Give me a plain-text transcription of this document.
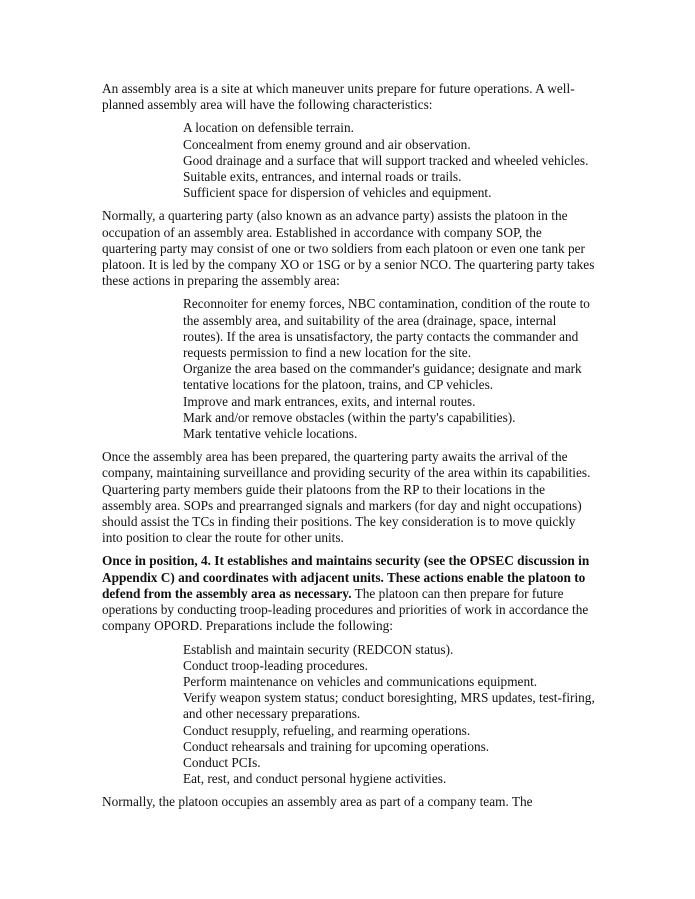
An assembly area is a site at which maneuver units prepare for future operations. A well-planned assembly area will have the following characteristics:

A location on defensible terrain.
Concealment from enemy ground and air observation.
Good drainage and a surface that will support tracked and wheeled vehicles.
Suitable exits, entrances, and internal roads or trails.
Sufficient space for dispersion of vehicles and equipment.

Normally, a quartering party (also known as an advance party) assists the platoon in the occupation of an assembly area. Established in accordance with company SOP, the quartering party may consist of one or two soldiers from each platoon or even one tank per platoon. It is led by the company XO or 1SG or by a senior NCO. The quartering party takes these actions in preparing the assembly area:

Reconnoiter for enemy forces, NBC contamination, condition of the route to the assembly area, and suitability of the area (drainage, space, internal routes). If the area is unsatisfactory, the party contacts the commander and requests permission to find a new location for the site.
Organize the area based on the commander's guidance; designate and mark tentative locations for the platoon, trains, and CP vehicles.
Improve and mark entrances, exits, and internal routes.
Mark and/or remove obstacles (within the party's capabilities).
Mark tentative vehicle locations.

Once the assembly area has been prepared, the quartering party awaits the arrival of the company, maintaining surveillance and providing security of the area within its capabilities. Quartering party members guide their platoons from the RP to their locations in the assembly area. SOPs and prearranged signals and markers (for day and night occupations) should assist the TCs in finding their positions. The key consideration is to move quickly into position to clear the route for other units.

Once in position, 4. It establishes and maintains security (see the OPSEC discussion in Appendix C) and coordinates with adjacent units. These actions enable the platoon to defend from the assembly area as necessary. The platoon can then prepare for future operations by conducting troop-leading procedures and priorities of work in accordance the company OPORD. Preparations include the following:

Establish and maintain security (REDCON status).
Conduct troop-leading procedures.
Perform maintenance on vehicles and communications equipment.
Verify weapon system status; conduct boresighting, MRS updates, test-firing, and other necessary preparations.
Conduct resupply, refueling, and rearming operations.
Conduct rehearsals and training for upcoming operations.
Conduct PCIs.
Eat, rest, and conduct personal hygiene activities.

Normally, the platoon occupies an assembly area as part of a company team. The
